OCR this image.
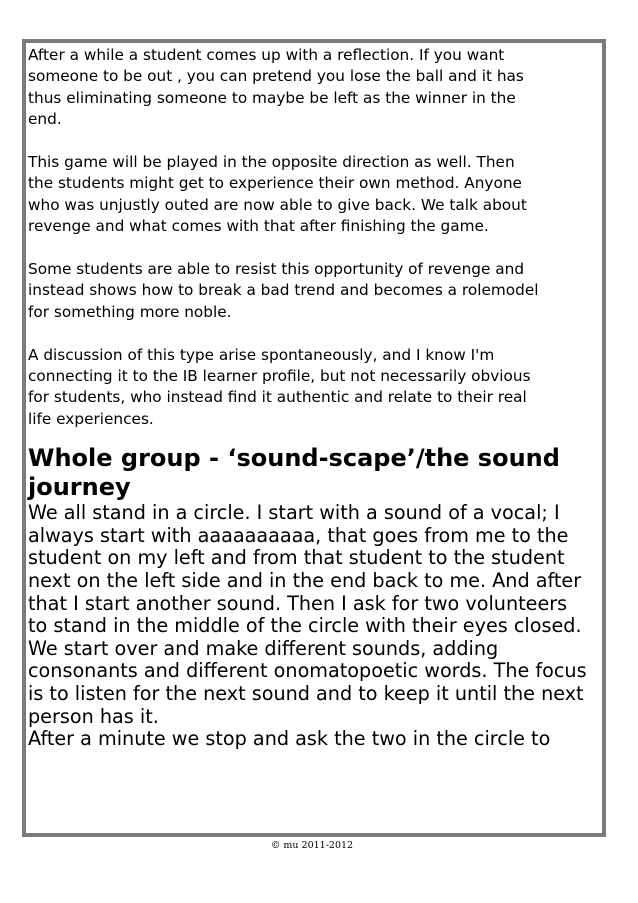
After a while a student comes up with a reflection. If you want
someone to be out , you can pretend you lose the ball and it has
thus eliminating someone to maybe be left as the winner in the
end.
This game will be played in the opposite direction as well. Then
the students might get to experience their own method. Anyone
who was unjustly outed are now able to give back. We talk about
revenge and what comes with that after finishing the game.
Some students are able to resist this opportunity of revenge and
instead shows how to break a bad trend and becomes a rolemodel
for something more noble.
A discussion of this type arise spontaneously, and I know I'm
connecting it to the IB learner profile, but not necessarily obvious
for students, who instead find it authentic and relate to their real
life experiences.
Whole group - ‘sound-scape’/the sound
journey
We all stand in a circle. I start with a sound of a vocal; I
always start with aaaaaaaaaa, that goes from me to the
student on my left and from that student to the student
next on the left side and in the end back to me. And after
that I start another sound. Then I ask for two volunteers
to stand in the middle of the circle with their eyes closed.
We start over and make different sounds, adding
consonants and different onomatopoetic words. The focus
is to listen for the next sound and to keep it until the next
person has it.
After a minute we stop and ask the two in the circle to
© mu 2011-2012
